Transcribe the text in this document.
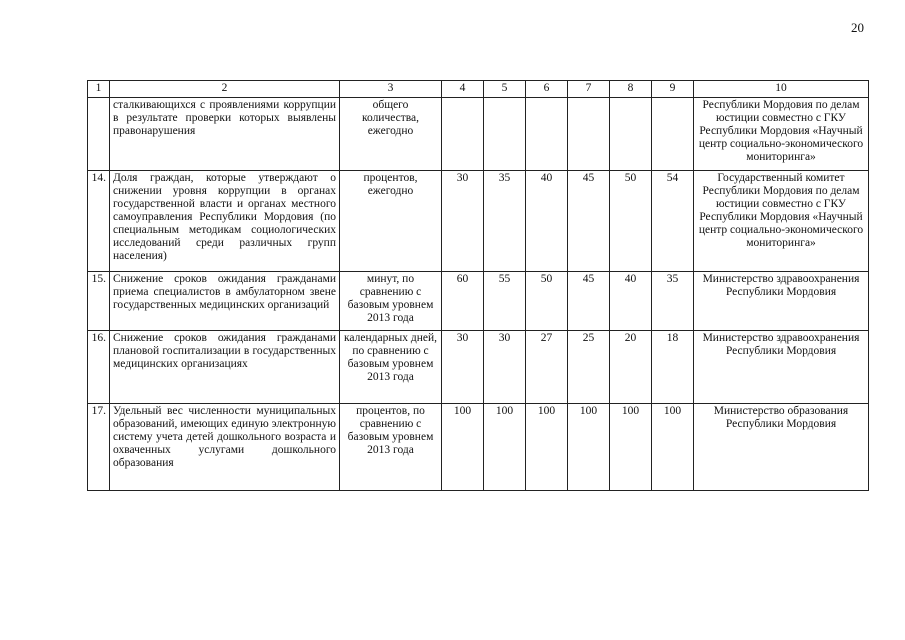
20
1	2	3	4	5	6	7	8	9	10
	сталкивающихся с проявлениями коррупции в результате проверки которых выявлены правонарушения	общего количества, ежегодно							Республики Мордовия по делам юстиции совместно с ГКУ Республики Мордовия «Научный центр социально-экономического мониторинга»
14.	Доля граждан, которые утверждают о снижении уровня коррупции в органах государственной власти и органах местного самоуправления Республики Мордовия (по специальным методикам социологических исследований среди различных групп населения)	процентов, ежегодно	30	35	40	45	50	54	Государственный комитет Республики Мордовия по делам юстиции совместно с ГКУ Республики Мордовия «Научный центр социально-экономического мониторинга»
15.	Снижение сроков ожидания гражданами приема специалистов в амбулаторном звене государственных медицинских организаций	минут, по сравнению с базовым уровнем 2013 года	60	55	50	45	40	35	Министерство здравоохранения Республики Мордовия
16.	Снижение сроков ожидания гражданами плановой госпитализации в государственных медицинских организациях	календарных дней, по сравнению с базовым уровнем 2013 года	30	30	27	25	20	18	Министерство здравоохранения Республики Мордовия
17.	Удельный вес численности муниципальных образований, имеющих единую электронную систему учета детей дошкольного возраста и охваченных услугами дошкольного образования	процентов, по сравнению с базовым уровнем 2013 года	100	100	100	100	100	100	Министерство образования Республики Мордовия
